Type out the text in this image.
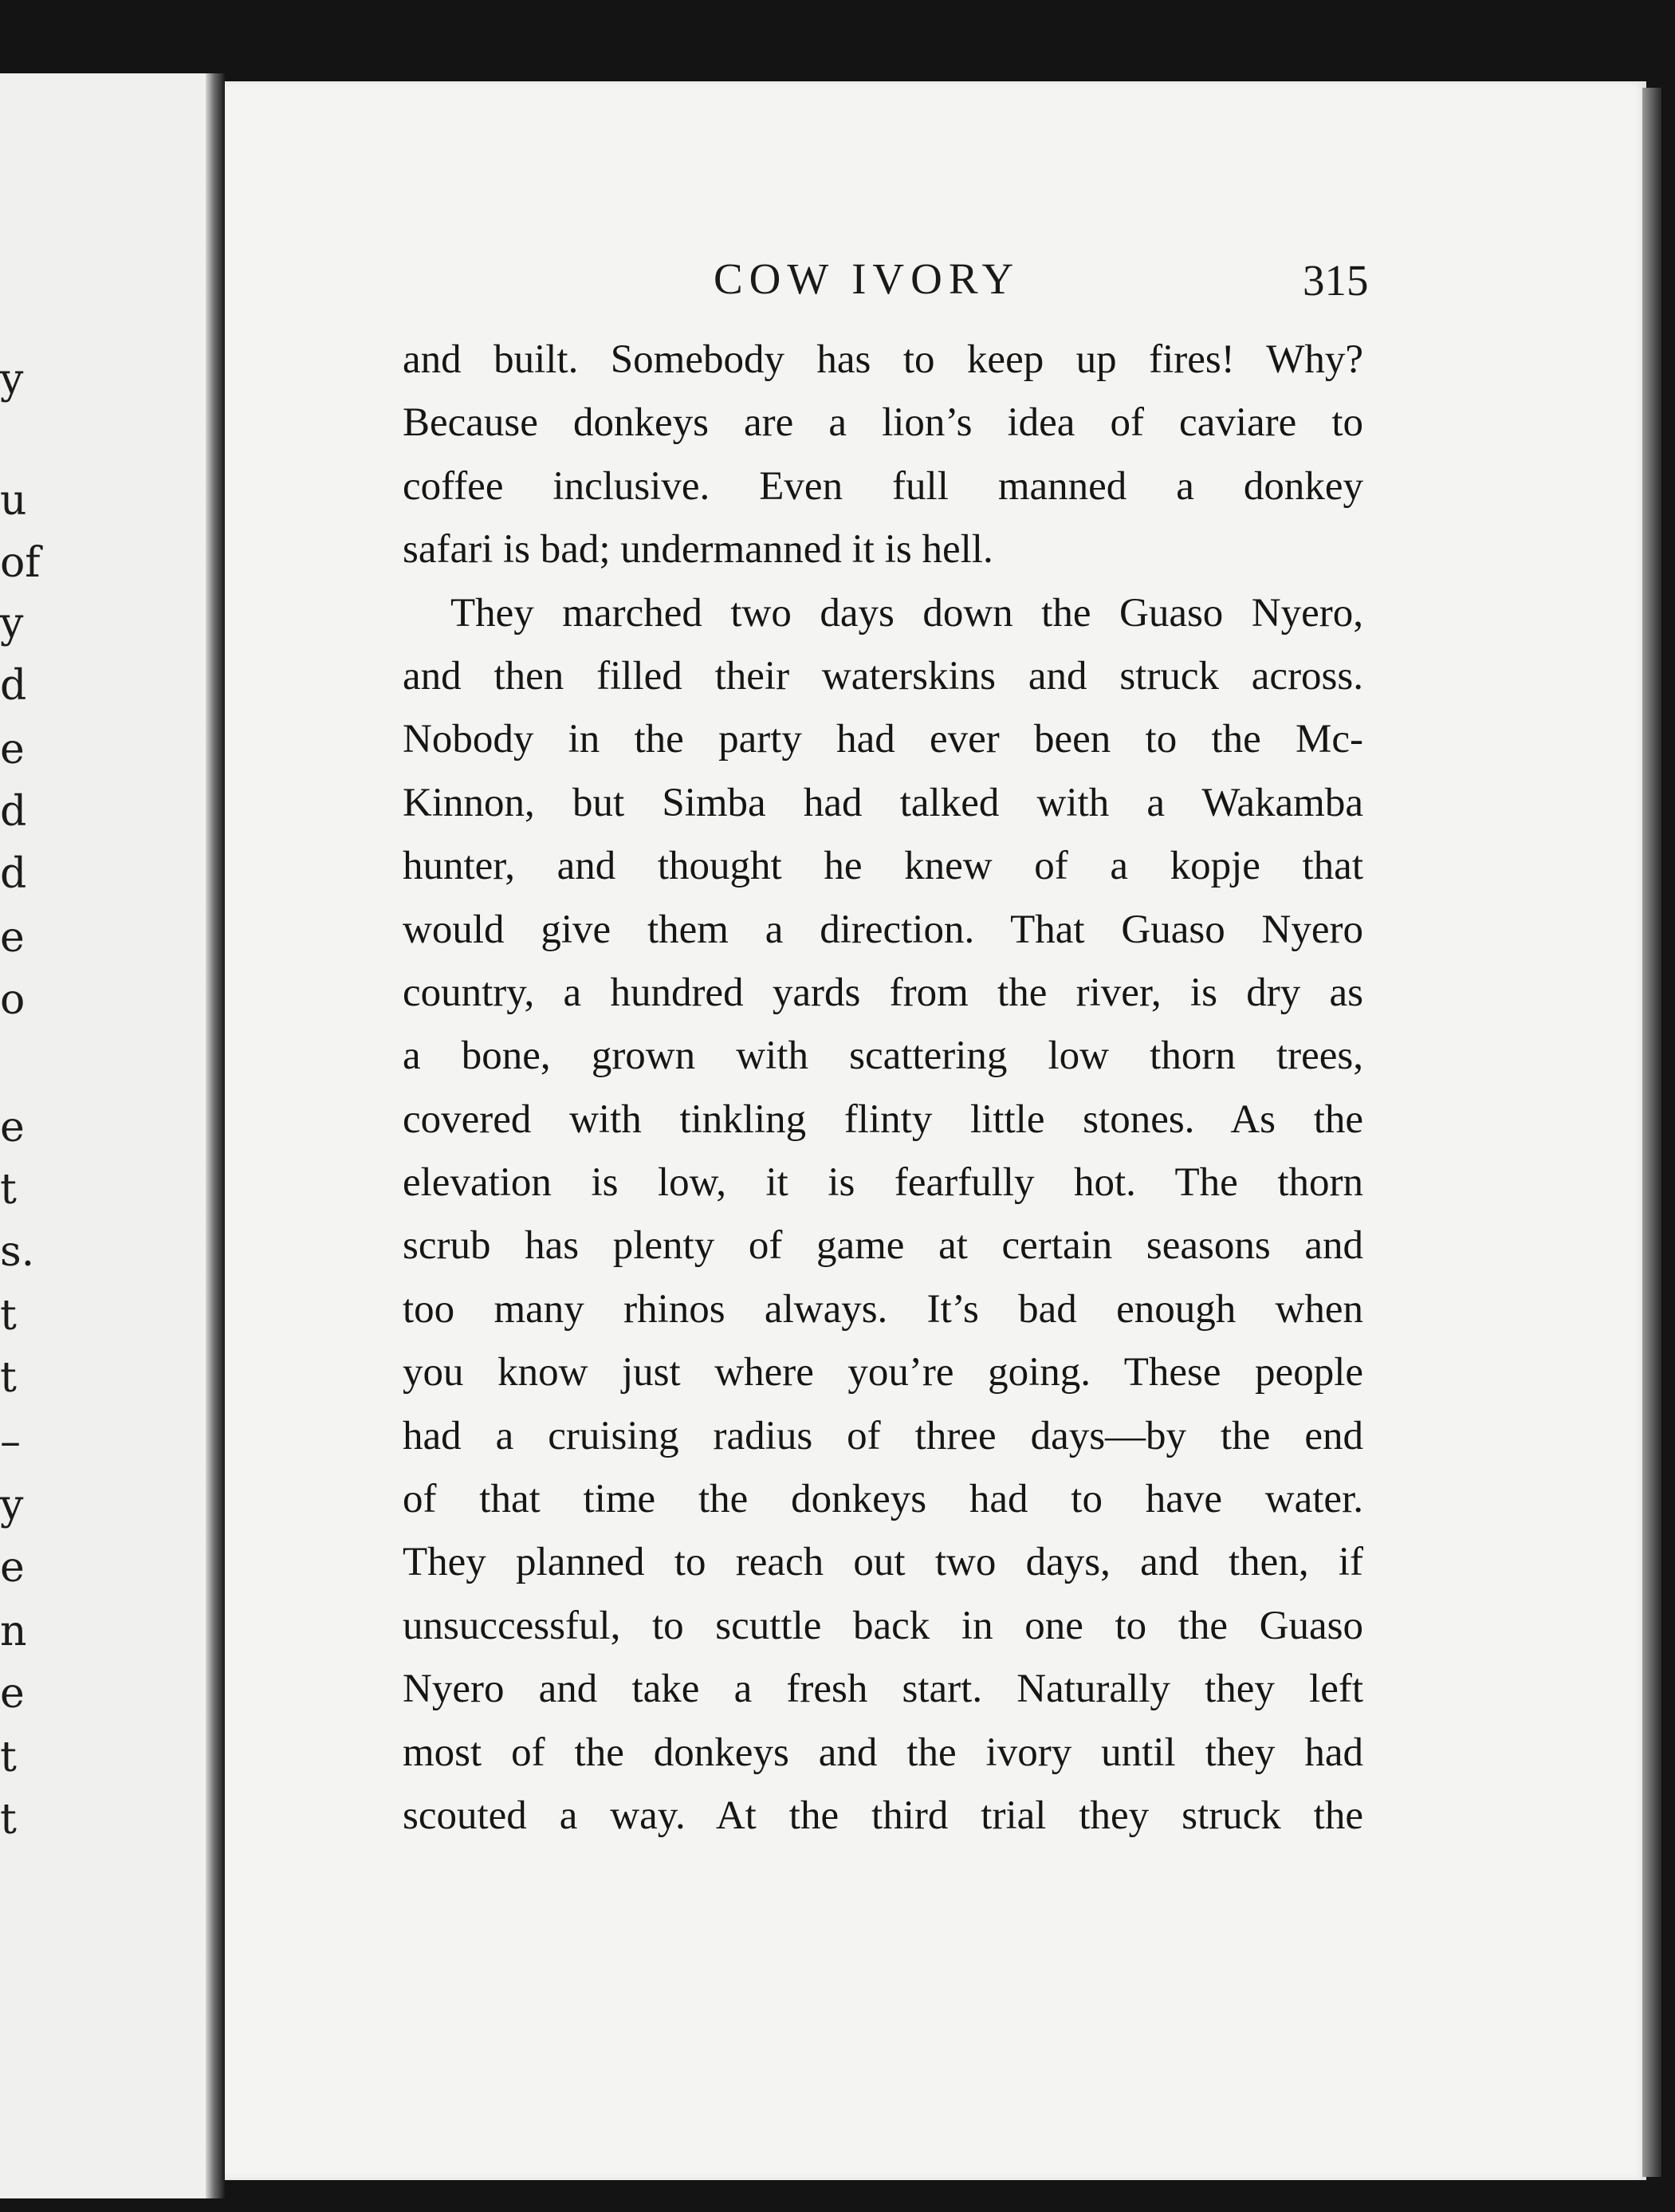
y
u
of
y
d
e
d
d
e
o
e
t
s.
t
t
–
y
e
n
e
t
t
COW IVORY	315
and built. Somebody has to keep up fires! Why?
Because donkeys are a lion’s idea of caviare to
coffee inclusive. Even full manned a donkey
safari is bad; undermanned it is hell.
They marched two days down the Guaso Nyero,
and then filled their waterskins and struck across.
Nobody in the party had ever been to the Mc-
Kinnon, but Simba had talked with a Wakamba
hunter, and thought he knew of a kopje that
would give them a direction. That Guaso Nyero
country, a hundred yards from the river, is dry as
a bone, grown with scattering low thorn trees,
covered with tinkling flinty little stones. As the
elevation is low, it is fearfully hot. The thorn
scrub has plenty of game at certain seasons and
too many rhinos always. It’s bad enough when
you know just where you’re going. These people
had a cruising radius of three days—by the end
of that time the donkeys had to have water.
They planned to reach out two days, and then, if
unsuccessful, to scuttle back in one to the Guaso
Nyero and take a fresh start. Naturally they left
most of the donkeys and the ivory until they had
scouted a way. At the third trial they struck the
